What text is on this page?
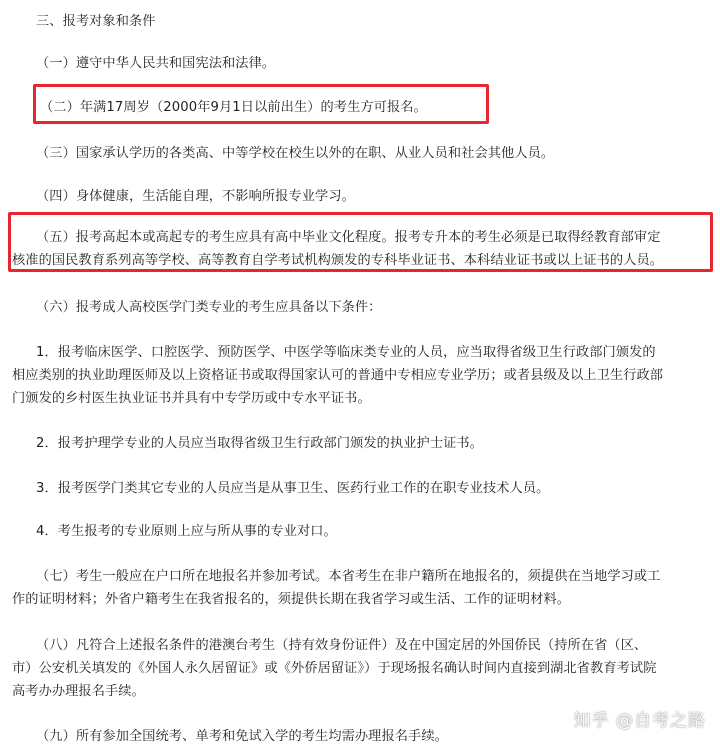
三、报考对象和条件
（一）遵守中华人民共和国宪法和法律。
（二）年满17周岁（2000年9月1日以前出生）的考生方可报名。
（三）国家承认学历的各类高、中等学校在校生以外的在职、从业人员和社会其他人员。
（四）身体健康，生活能自理，不影响所报专业学习。
（五）报考高起本或高起专的考生应具有高中毕业文化程度。报考专升本的考生必须是已取得经教育部审定
核准的国民教育系列高等学校、高等教育自学考试机构颁发的专科毕业证书、本科结业证书或以上证书的人员。
（六）报考成人高校医学门类专业的考生应具备以下条件：
1．报考临床医学、口腔医学、预防医学、中医学等临床类专业的人员，应当取得省级卫生行政部门颁发的
相应类别的执业助理医师及以上资格证书或取得国家认可的普通中专相应专业学历；或者县级及以上卫生行政部
门颁发的乡村医生执业证书并具有中专学历或中专水平证书。
2．报考护理学专业的人员应当取得省级卫生行政部门颁发的执业护士证书。
3．报考医学门类其它专业的人员应当是从事卫生、医药行业工作的在职专业技术人员。
4．考生报考的专业原则上应与所从事的专业对口。
（七）考生一般应在户口所在地报名并参加考试。本省考生在非户籍所在地报名的，须提供在当地学习或工
作的证明材料；外省户籍考生在我省报名的，须提供长期在我省学习或生活、工作的证明材料。
（八）凡符合上述报名条件的港澳台考生（持有效身份证件）及在中国定居的外国侨民（持所在省（区、
市）公安机关填发的《外国人永久居留证》或《外侨居留证》）于现场报名确认时间内直接到湖北省教育考试院
高考办办理报名手续。
（九）所有参加全国统考、单考和免试入学的考生均需办理报名手续。
知乎 @自考之路
